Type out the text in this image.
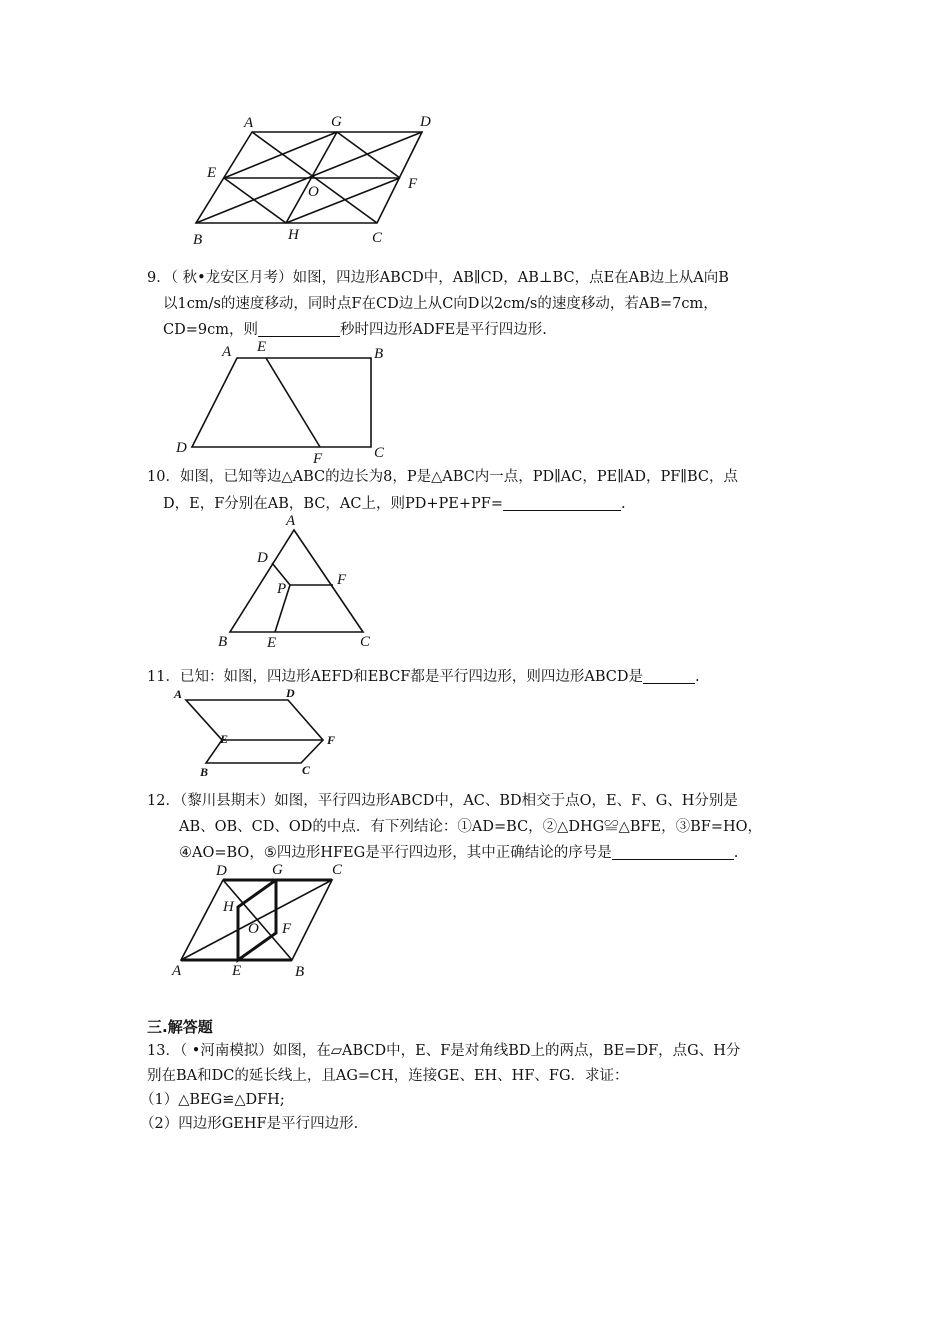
A	G	D
E
O	F
B	H	C
9．（ 秋•龙安区月考）如图，四边形ABCD中，AB∥CD，AB⊥BC，点E在AB边上从A向B
以1cm/s的速度移动，同时点F在CD边上从C向D以2cm/s的速度移动，若AB=7cm，
CD=9cm，则	秒时四边形ADFE是平行四边形.
A E	B
D
F	C
10．如图，已知等边△ABC的边长为8，P是△ABC内一点，PD∥AC，PE∥AD，PF∥BC，点
D，E，F分别在AB，BC，AC上，则PD+PE+PF=	.
A
D
F
P
B	E	C
11．已知：如图，四边形AEFD和EBCF都是平行四边形，则四边形ABCD是	.
A	D
E	F
B	C
12．（黎川县期末）如图，平行四边形ABCD中，AC、BD相交于点O，E、F、G、H分别是
AB、OB、CD、OD的中点．有下列结论：①AD=BC，②△DHG≌△BFE，③BF=HO，
④AO=BO，⑤四边形HFEG是平行四边形，其中正确结论的序号是	.
D	G	C
H
O F
A	E	B
三.解答题
13．（ •河南模拟）如图，在▱ABCD中，E、F是对角线BD上的两点，BE=DF，点G、H分
别在BA和DC的延长线上，且AG=CH，连接GE、EH、HF、FG．求证：
（1）△BEG≌△DFH;
（2）四边形GEHF是平行四边形.
